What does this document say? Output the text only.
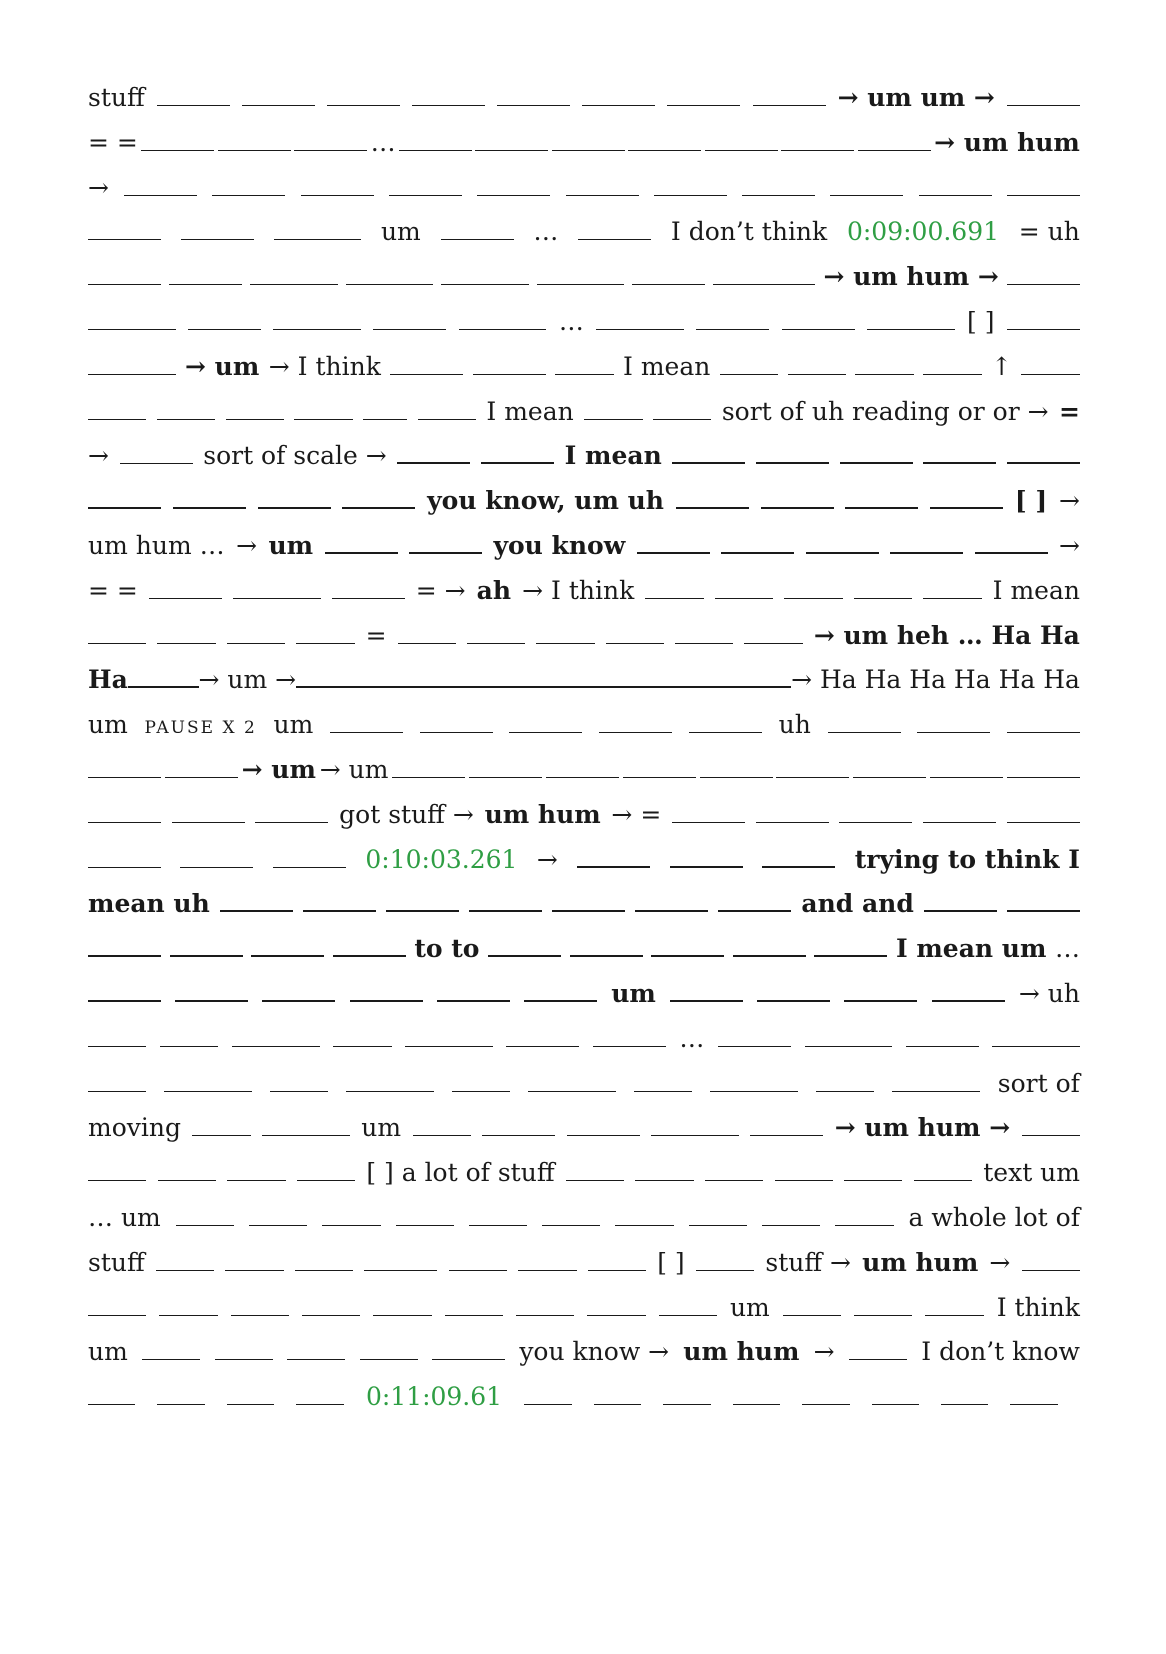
stuff	→ um um →
= =	…	→ um hum
→
um	…	I don’t think 0:09:00.691 = uh
→ um hum →
…	[ ]
→ um → I think	I mean	↑
I mean	sort of uh reading or or → =
→	sort of scale →	I mean
you know, um uh	[ ] →
um hum … → um	you know	→
= =	= → ah → I think	I mean
=	→ um heh … Ha Ha
Ha	→ um →	→ Ha Ha Ha Ha Ha Ha
um PAUSE X 2 um	uh
→ um → um
got stuff → um hum → =
0:10:03.261 →	trying to think I
mean uh	and and
to to	I mean um …
um	→ uh
…
sort of
moving	um	→ um hum →
[ ] a lot of stuff	text um
… um	a whole lot of
stuff	[ ]	stuff → um hum →
um	I think
um	you know → um hum →	I don’t know
0:11:09.61
